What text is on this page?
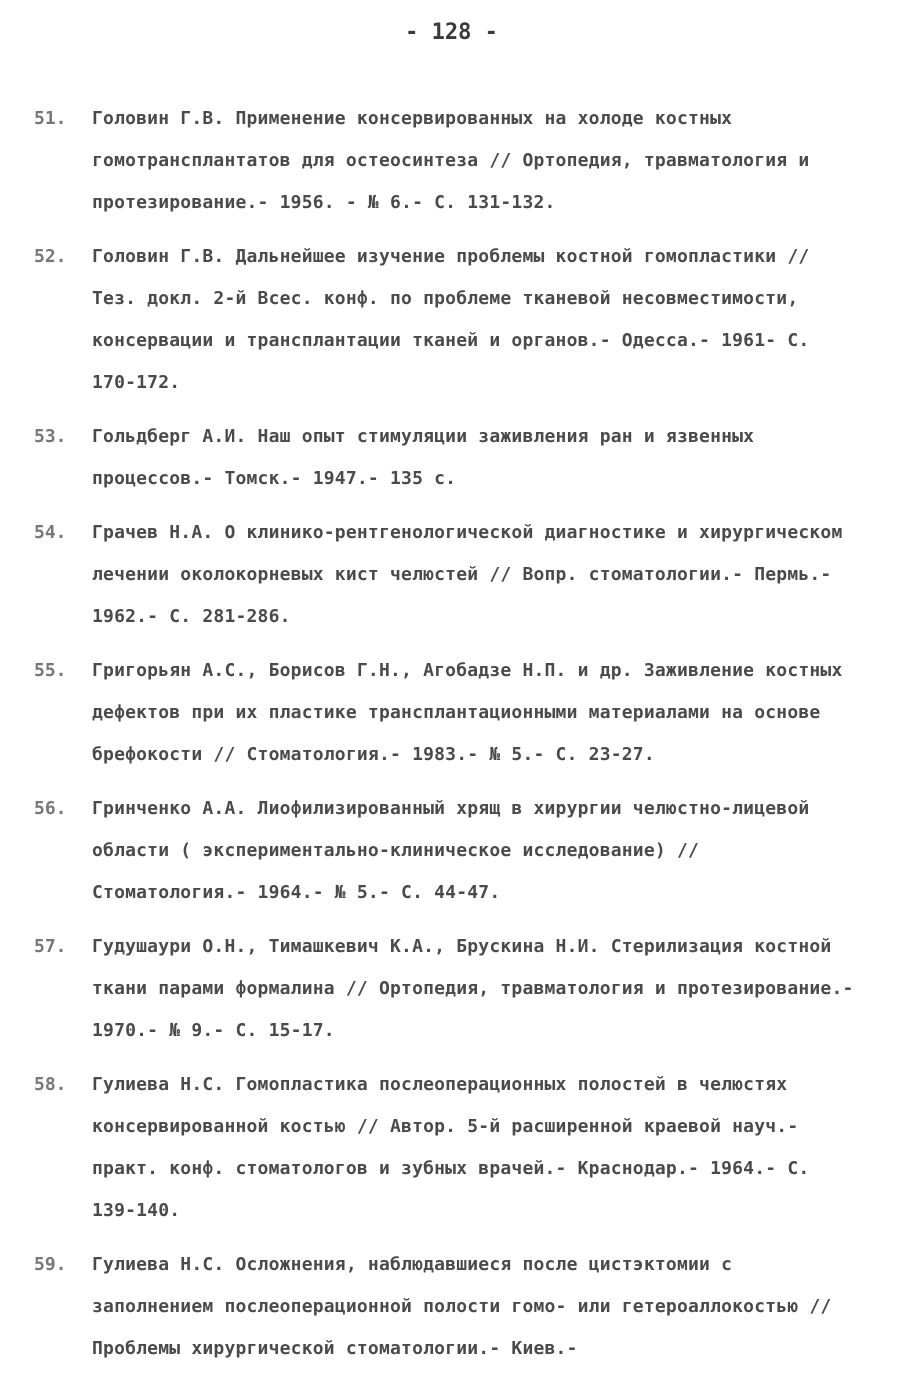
- 128 -
51.	Головин Г.В. Применение консервированных на холоде костных гомотрансплантатов для остеосинтеза // Ортопедия, травматология и протезирование.- 1956. - № 6.- С. 131-132.
52.	Головин Г.В. Дальнейшее изучение проблемы костной гомопластики // Тез. докл. 2-й Всес. конф. по проблеме тканевой несовместимости, консервации и трансплантации тканей и органов.- Одесса.- 1961- С. 170-172.
53.	Гольдберг А.И. Наш опыт стимуляции заживления ран и язвенных процессов.- Томск.- 1947.- 135 с.
54.	Грачев Н.А. О клинико-рентгенологической диагностике и хирургическом лечении околокорневых кист челюстей // Вопр. стоматологии.- Пермь.- 1962.- С. 281-286.
55.	Григорьян А.С., Борисов Г.Н., Агобадзе Н.П. и др. Заживление костных дефектов при их пластике трансплантационными материалами на основе брефокости // Стоматология.- 1983.- № 5.- С. 23-27.
56.	Гринченко А.А. Лиофилизированный хрящ в хирургии челюстно-лицевой области ( экспериментально-клиническое исследование) // Стоматология.- 1964.- № 5.- С. 44-47.
57.	Гудушаури О.Н., Тимашкевич К.А., Брускина Н.И. Стерилизация костной ткани парами формалина // Ортопедия, травматология и протезирование.- 1970.- № 9.- С. 15-17.
58.	Гулиева Н.С. Гомопластика послеоперационных полостей в челюстях консервированной костью // Автор. 5-й расширенной краевой науч.-практ. конф. стоматологов и зубных врачей.- Краснодар.- 1964.- С. 139-140.
59.	Гулиева Н.С. Осложнения, наблюдавшиеся после цистэктомии с заполнением послеоперационной полости гомо- или гетероаллокостью // Проблемы хирургической стоматологии.- Киев.-
